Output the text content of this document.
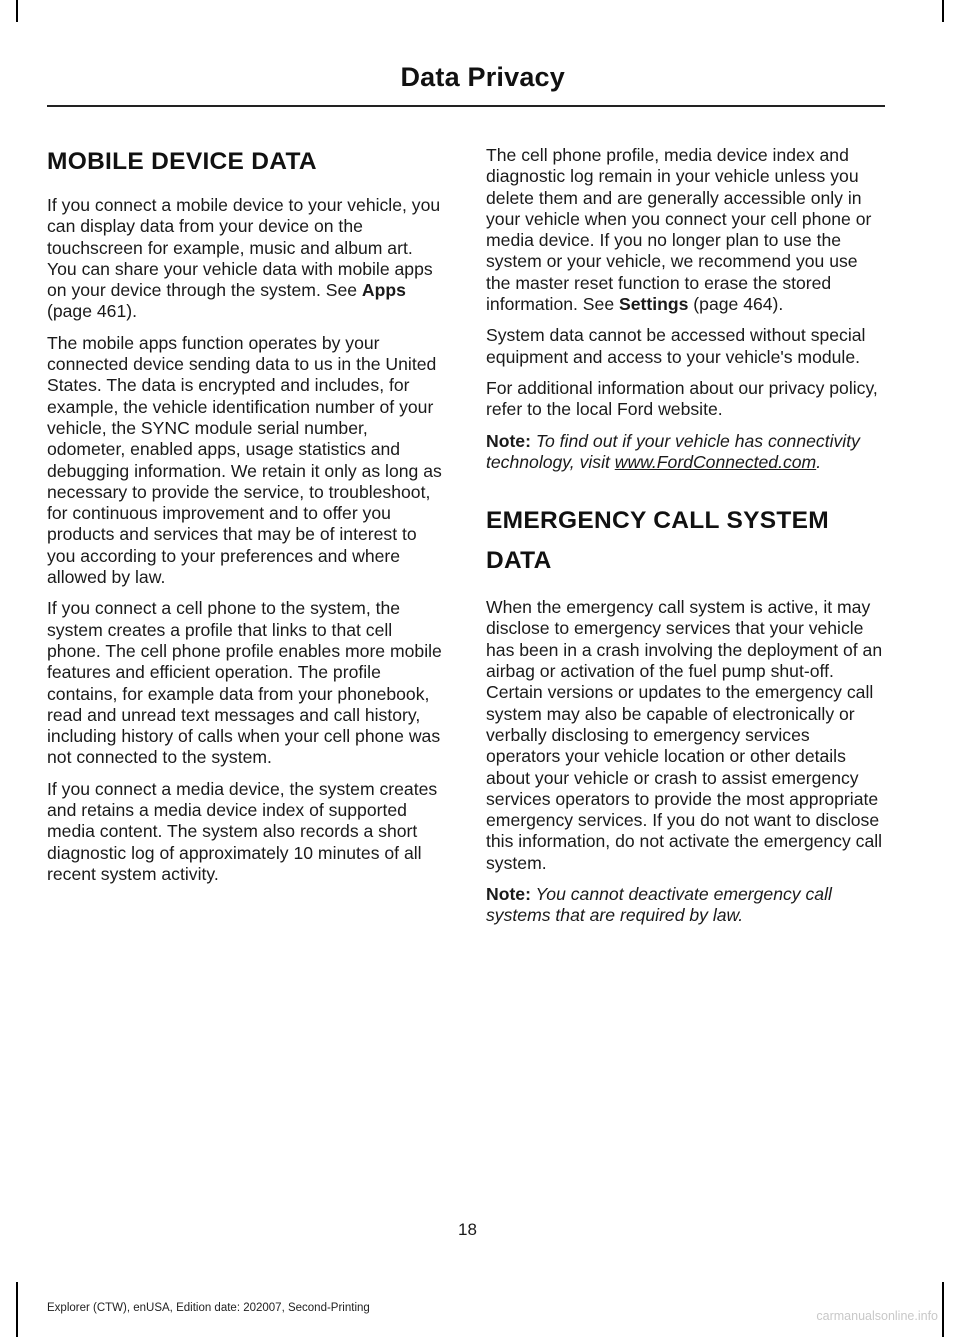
Data Privacy
MOBILE DEVICE DATA

If you connect a mobile device to your vehicle, you can display data from your device on the touchscreen for example, music and album art. You can share your vehicle data with mobile apps on your device through the system. See Apps (page 461).

The mobile apps function operates by your connected device sending data to us in the United States. The data is encrypted and includes, for example, the vehicle identification number of your vehicle, the SYNC module serial number, odometer, enabled apps, usage statistics and debugging information. We retain it only as long as necessary to provide the service, to troubleshoot, for continuous improvement and to offer you products and services that may be of interest to you according to your preferences and where allowed by law.

If you connect a cell phone to the system, the system creates a profile that links to that cell phone. The cell phone profile enables more mobile features and efficient operation. The profile contains, for example data from your phonebook, read and unread text messages and call history, including history of calls when your cell phone was not connected to the system.

If you connect a media device, the system creates and retains a media device index of supported media content. The system also records a short diagnostic log of approximately 10 minutes of all recent system activity.

The cell phone profile, media device index and diagnostic log remain in your vehicle unless you delete them and are generally accessible only in your vehicle when you connect your cell phone or media device. If you no longer plan to use the system or your vehicle, we recommend you use the master reset function to erase the stored information. See Settings (page 464).

System data cannot be accessed without special equipment and access to your vehicle's module.

For additional information about our privacy policy, refer to the local Ford website.

Note: To find out if your vehicle has connectivity technology, visit www.FordConnected.com.

EMERGENCY CALL SYSTEM
DATA

When the emergency call system is active, it may disclose to emergency services that your vehicle has been in a crash involving the deployment of an airbag or activation of the fuel pump shut-off. Certain versions or updates to the emergency call system may also be capable of electronically or verbally disclosing to emergency services operators your vehicle location or other details about your vehicle or crash to assist emergency services operators to provide the most appropriate emergency services. If you do not want to disclose this information, do not activate the emergency call system.

Note: You cannot deactivate emergency call systems that are required by law.

18
Explorer (CTW), enUSA, Edition date: 202007, Second-Printing
carmanualsonline.info
